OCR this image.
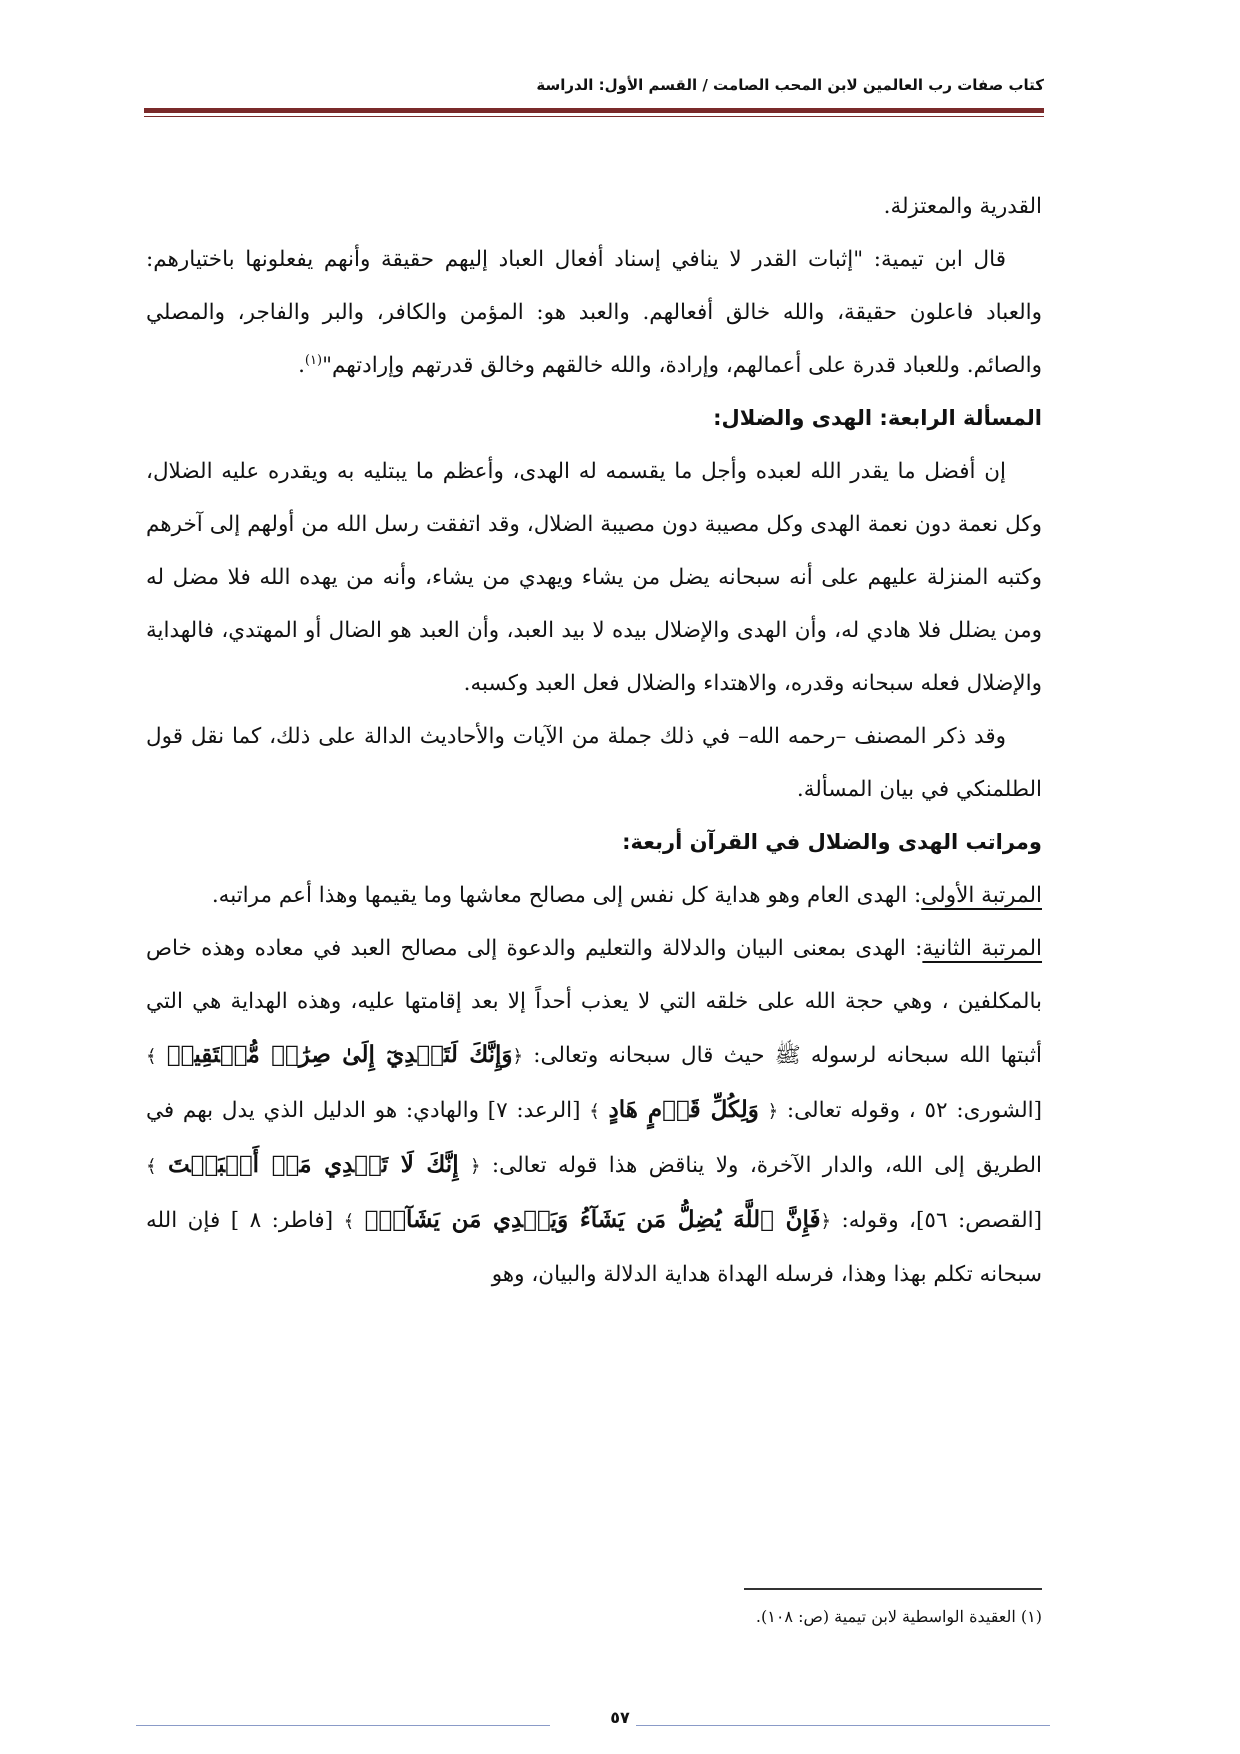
كتاب صفات رب العالمين لابن المحب الصامت / القسم الأول: الدراسة

القدرية والمعتزلة.

قال ابن تيمية: "إثبات القدر لا ينافي إسناد أفعال العباد إليهم حقيقة وأنهم يفعلونها باختيارهم: والعباد فاعلون حقيقة، والله خالق أفعالهم. والعبد هو: المؤمن والكافر، والبر والفاجر، والمصلي والصائم. وللعباد قدرة على أعمالهم، وإرادة، والله خالقهم وخالق قدرتهم وإرادتهم"$^{(١)}$.

المسألة الرابعة: الهدى والضلال:

إن أفضل ما يقدر الله لعبده وأجل ما يقسمه له الهدى، وأعظم ما يبتليه به ويقدره عليه الضلال، وكل نعمة دون نعمة الهدى وكل مصيبة دون مصيبة الضلال، وقد اتفقت رسل الله من أولهم إلى آخرهم وكتبه المنزلة عليهم على أنه سبحانه يضل من يشاء ويهدي من يشاء، وأنه من يهده الله فلا مضل له ومن يضلل فلا هادي له، وأن الهدى والإضلال بيده لا بيد العبد، وأن العبد هو الضال أو المهتدي، فالهداية والإضلال فعله سبحانه وقدره، والاهتداء والضلال فعل العبد وكسبه.

وقد ذكر المصنف –رحمه الله– في ذلك جملة من الآيات والأحاديث الدالة على ذلك، كما نقل قول الطلمنكي في بيان المسألة.

ومراتب الهدى والضلال في القرآن أربعة:

المرتبة الأولى: الهدى العام وهو هداية كل نفس إلى مصالح معاشها وما يقيمها وهذا أعم مراتبه.

المرتبة الثانية: الهدى بمعنى البيان والدلالة والتعليم والدعوة إلى مصالح العبد في معاده وهذه خاص بالمكلفين ، وهي حجة الله على خلقه التي لا يعذب أحداً إلا بعد إقامتها عليه، وهذه الهداية هي التي أثبتها الله سبحانه لرسوله ﷺ حيث قال سبحانه وتعالى: ﴿وَإِنَّكَ لَتَهۡدِيٓ إِلَىٰ صِرَٰطٖ مُّسۡتَقِيمٖ ﴾ [الشورى: ٥٢ ، وقوله تعالى: ﴿ وَلِكُلِّ قَوۡمٍ هَادٍ ﴾ [الرعد: ٧] والهادي: هو الدليل الذي يدل بهم في الطريق إلى الله، والدار الآخرة، ولا يناقض هذا قوله تعالى: ﴿ إِنَّكَ لَا تَهۡدِي مَنۡ أَحۡبَبۡتَ ﴾ [القصص: ٥٦]، وقوله: ﴿فَإِنَّ ٱللَّهَ يُضِلُّ مَن يَشَآءُ وَيَهۡدِي مَن يَشَآءُۖ ﴾ [فاطر: ٨ ] فإن الله سبحانه تكلم بهذا وهذا، فرسله الهداة هداية الدلالة والبيان، وهو

(١) العقيدة الواسطية لابن تيمية (ص: ١٠٨).
٥٧
